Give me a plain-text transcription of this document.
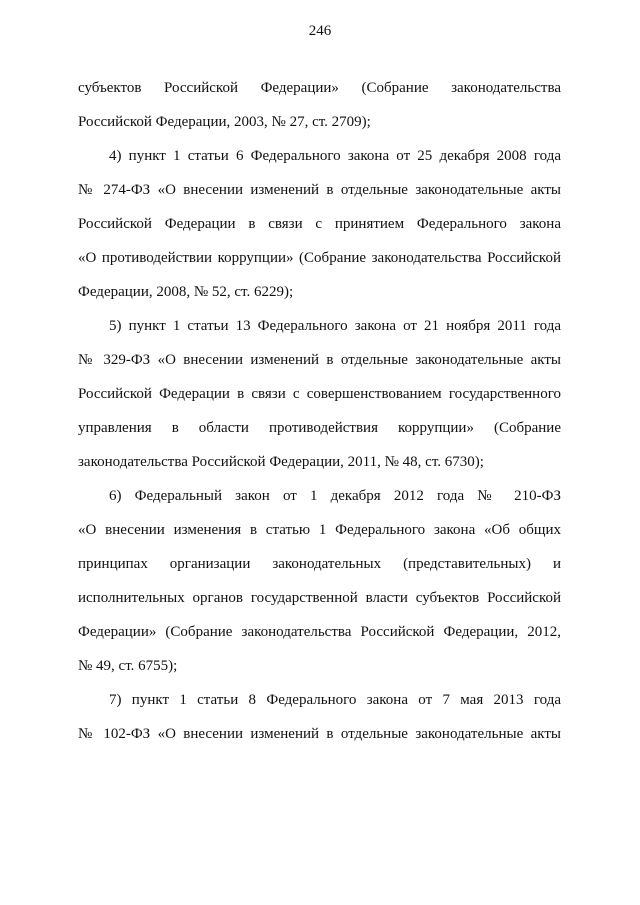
246
субъектов Российской Федерации» (Собрание законодательства
Российской Федерации, 2003, № 27, ст. 2709);
4) пункт 1 статьи 6 Федерального закона от 25 декабря 2008 года
№ 274-ФЗ «О внесении изменений в отдельные законодательные акты
Российской Федерации в связи с принятием Федерального закона
«О противодействии коррупции» (Собрание законодательства Российской
Федерации, 2008, № 52, ст. 6229);
5) пункт 1 статьи 13 Федерального закона от 21 ноября 2011 года
№ 329-ФЗ «О внесении изменений в отдельные законодательные акты
Российской Федерации в связи с совершенствованием государственного
управления в области противодействия коррупции» (Собрание
законодательства Российской Федерации, 2011, № 48, ст. 6730);
6) Федеральный закон от 1 декабря 2012 года № 210-ФЗ
«О внесении изменения в статью 1 Федерального закона «Об общих
принципах организации законодательных (представительных) и
исполнительных органов государственной власти субъектов Российской
Федерации» (Собрание законодательства Российской Федерации, 2012,
№ 49, ст. 6755);
7) пункт 1 статьи 8 Федерального закона от 7 мая 2013 года
№ 102-ФЗ «О внесении изменений в отдельные законодательные акты
